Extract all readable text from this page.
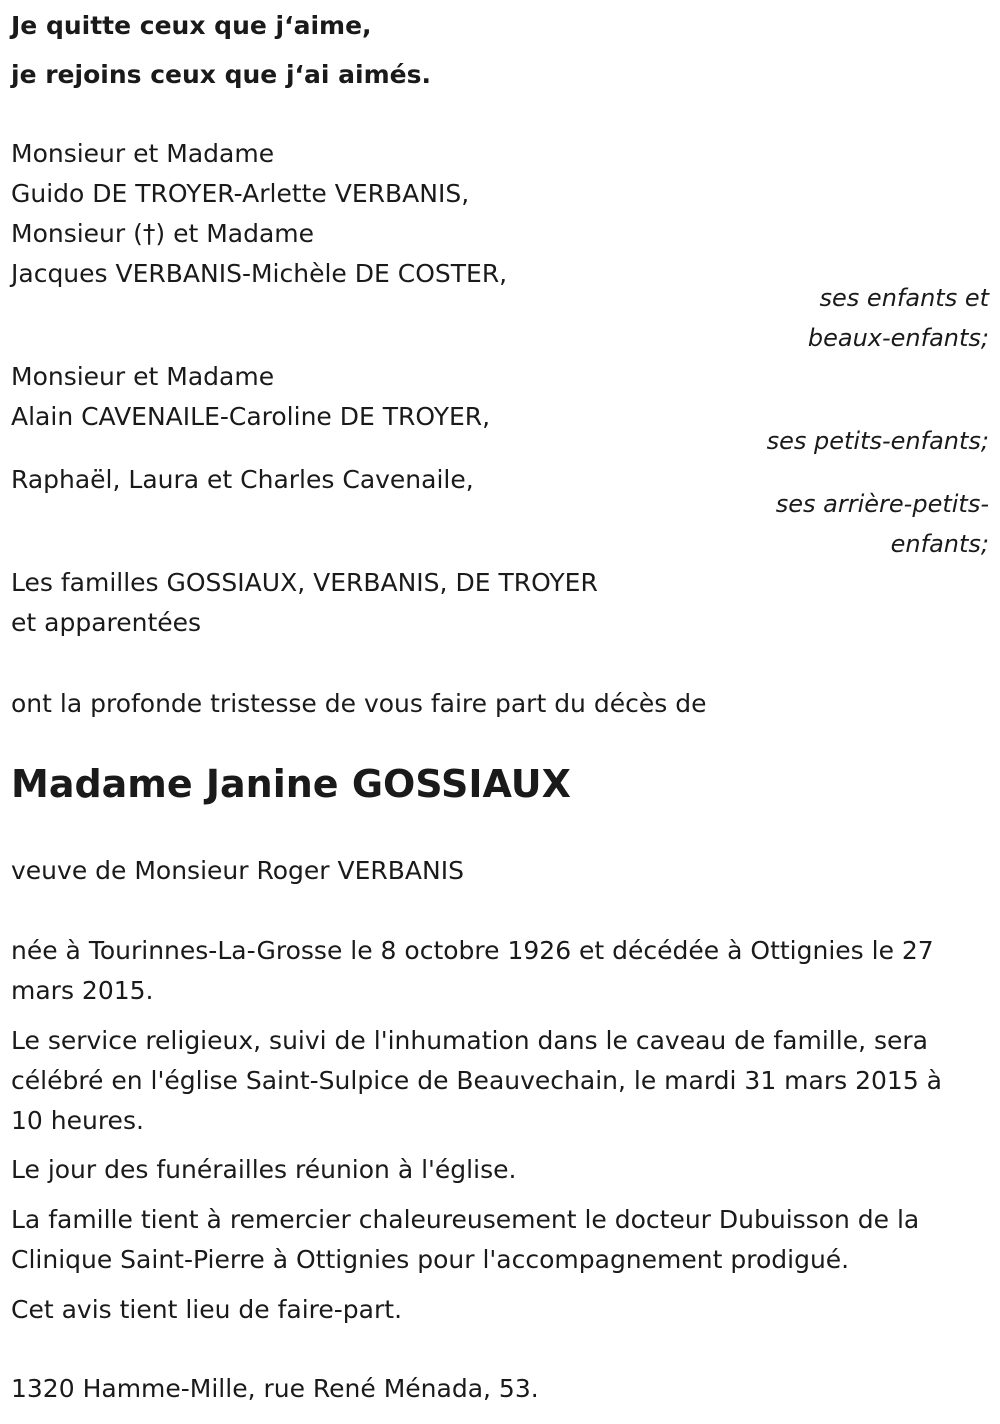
Je quitte ceux que j‘aime,

je rejoins ceux que j‘ai aimés.

Monsieur et Madame

Guido DE TROYER-Arlette VERBANIS,

Monsieur (†) et Madame

Jacques VERBANIS-Michèle DE COSTER,

ses enfants et

beaux-enfants;

Monsieur et Madame

Alain CAVENAILE-Caroline DE TROYER,

ses petits-enfants;

Raphaël, Laura et Charles Cavenaile,

ses arrière-petits-

enfants;

Les familles GOSSIAUX, VERBANIS, DE TROYER

et apparentées

ont la profonde tristesse de vous faire part du décès de

Madame Janine GOSSIAUX

veuve de Monsieur Roger VERBANIS

née à Tourinnes-La-Grosse le 8 octobre 1926 et décédée à Ottignies le 27

mars 2015.

Le service religieux, suivi de l'inhumation dans le caveau de famille, sera

célébré en l'église Saint-Sulpice de Beauvechain, le mardi 31 mars 2015 à

10 heures.

Le jour des funérailles réunion à l'église.

La famille tient à remercier chaleureusement le docteur Dubuisson de la

Clinique Saint-Pierre à Ottignies pour l'accompagnement prodigué.

Cet avis tient lieu de faire-part.

1320 Hamme-Mille, rue René Ménada, 53.
